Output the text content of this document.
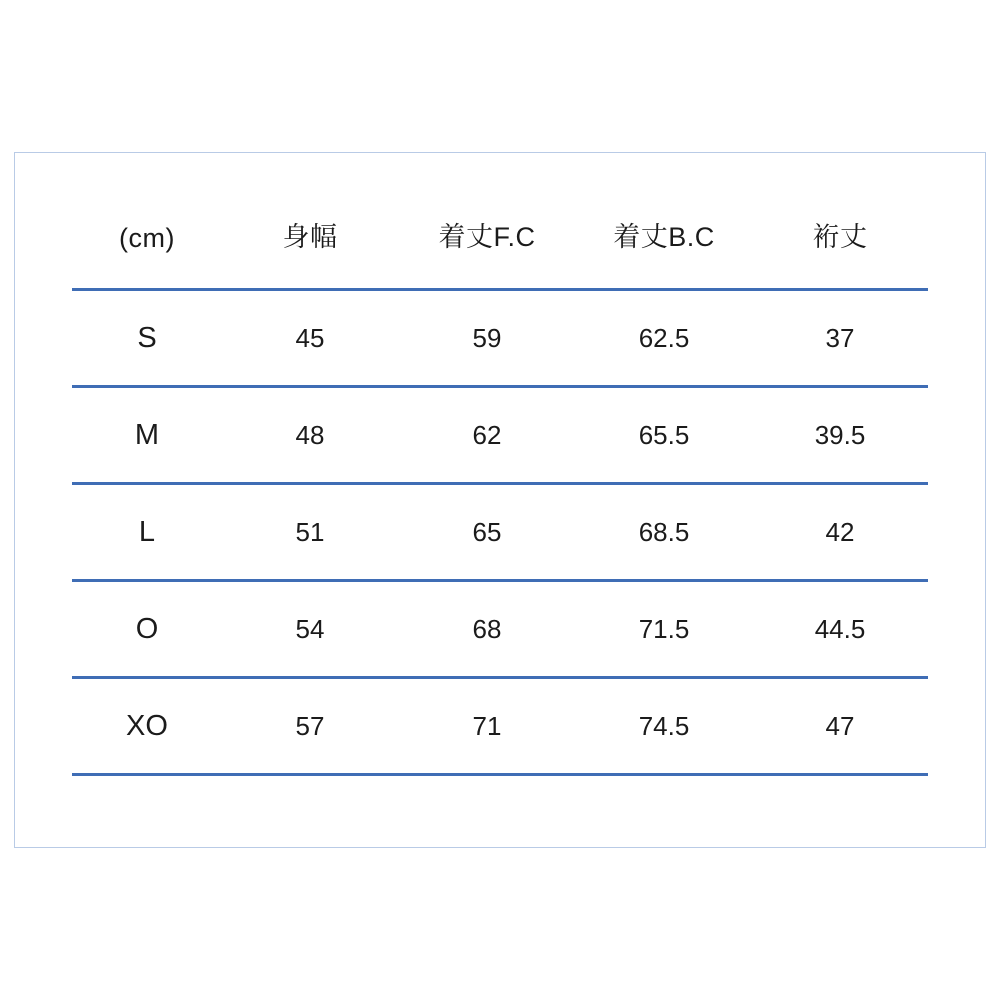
(cm)	身幅	着丈F.C	着丈B.C	裄丈
S	45	59	62.5	37
M	48	62	65.5	39.5
L	51	65	68.5	42
O	54	68	71.5	44.5
XO	57	71	74.5	47
